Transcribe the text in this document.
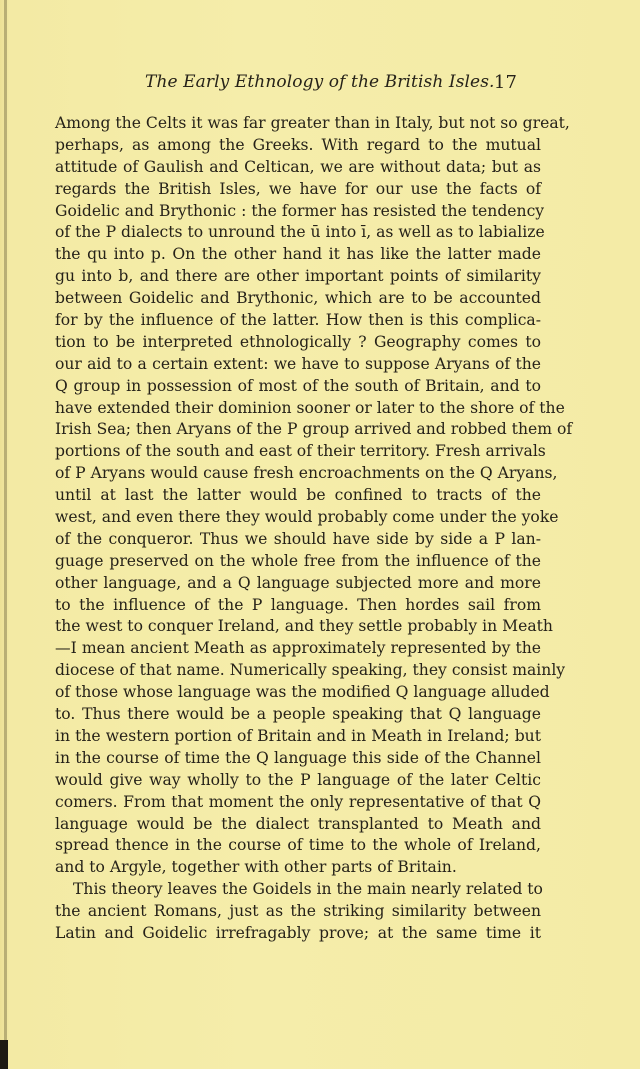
The Early Ethnology of the British Isles. 17
Among the Celts it was far greater than in Italy, but not so great,
perhaps, as among the Greeks. With regard to the mutual
attitude of Gaulish and Celtican, we are without data; but as
regards the British Isles, we have for our use the facts of
Goidelic and Brythonic : the former has resisted the tendency
of the P dialects to unround the ū into ī, as well as to labialize
the qu into p. On the other hand it has like the latter made
gu into b, and there are other important points of similarity
between Goidelic and Brythonic, which are to be accounted
for by the influence of the latter. How then is this complica-
tion to be interpreted ethnologically ? Geography comes to
our aid to a certain extent: we have to suppose Aryans of the
Q group in possession of most of the south of Britain, and to
have extended their dominion sooner or later to the shore of the
Irish Sea; then Aryans of the P group arrived and robbed them of
portions of the south and east of their territory. Fresh arrivals
of P Aryans would cause fresh encroachments on the Q Aryans,
until at last the latter would be confined to tracts of the
west, and even there they would probably come under the yoke
of the conqueror. Thus we should have side by side a P lan-
guage preserved on the whole free from the influence of the
other language, and a Q language subjected more and more
to the influence of the P language. Then hordes sail from
the west to conquer Ireland, and they settle probably in Meath
—I mean ancient Meath as approximately represented by the
diocese of that name. Numerically speaking, they consist mainly
of those whose language was the modified Q language alluded
to. Thus there would be a people speaking that Q language
in the western portion of Britain and in Meath in Ireland; but
in the course of time the Q language this side of the Channel
would give way wholly to the P language of the later Celtic
comers. From that moment the only representative of that Q
language would be the dialect transplanted to Meath and
spread thence in the course of time to the whole of Ireland,
and to Argyle, together with other parts of Britain.
This theory leaves the Goidels in the main nearly related to
the ancient Romans, just as the striking similarity between
Latin and Goidelic irrefragably prove; at the same time it
